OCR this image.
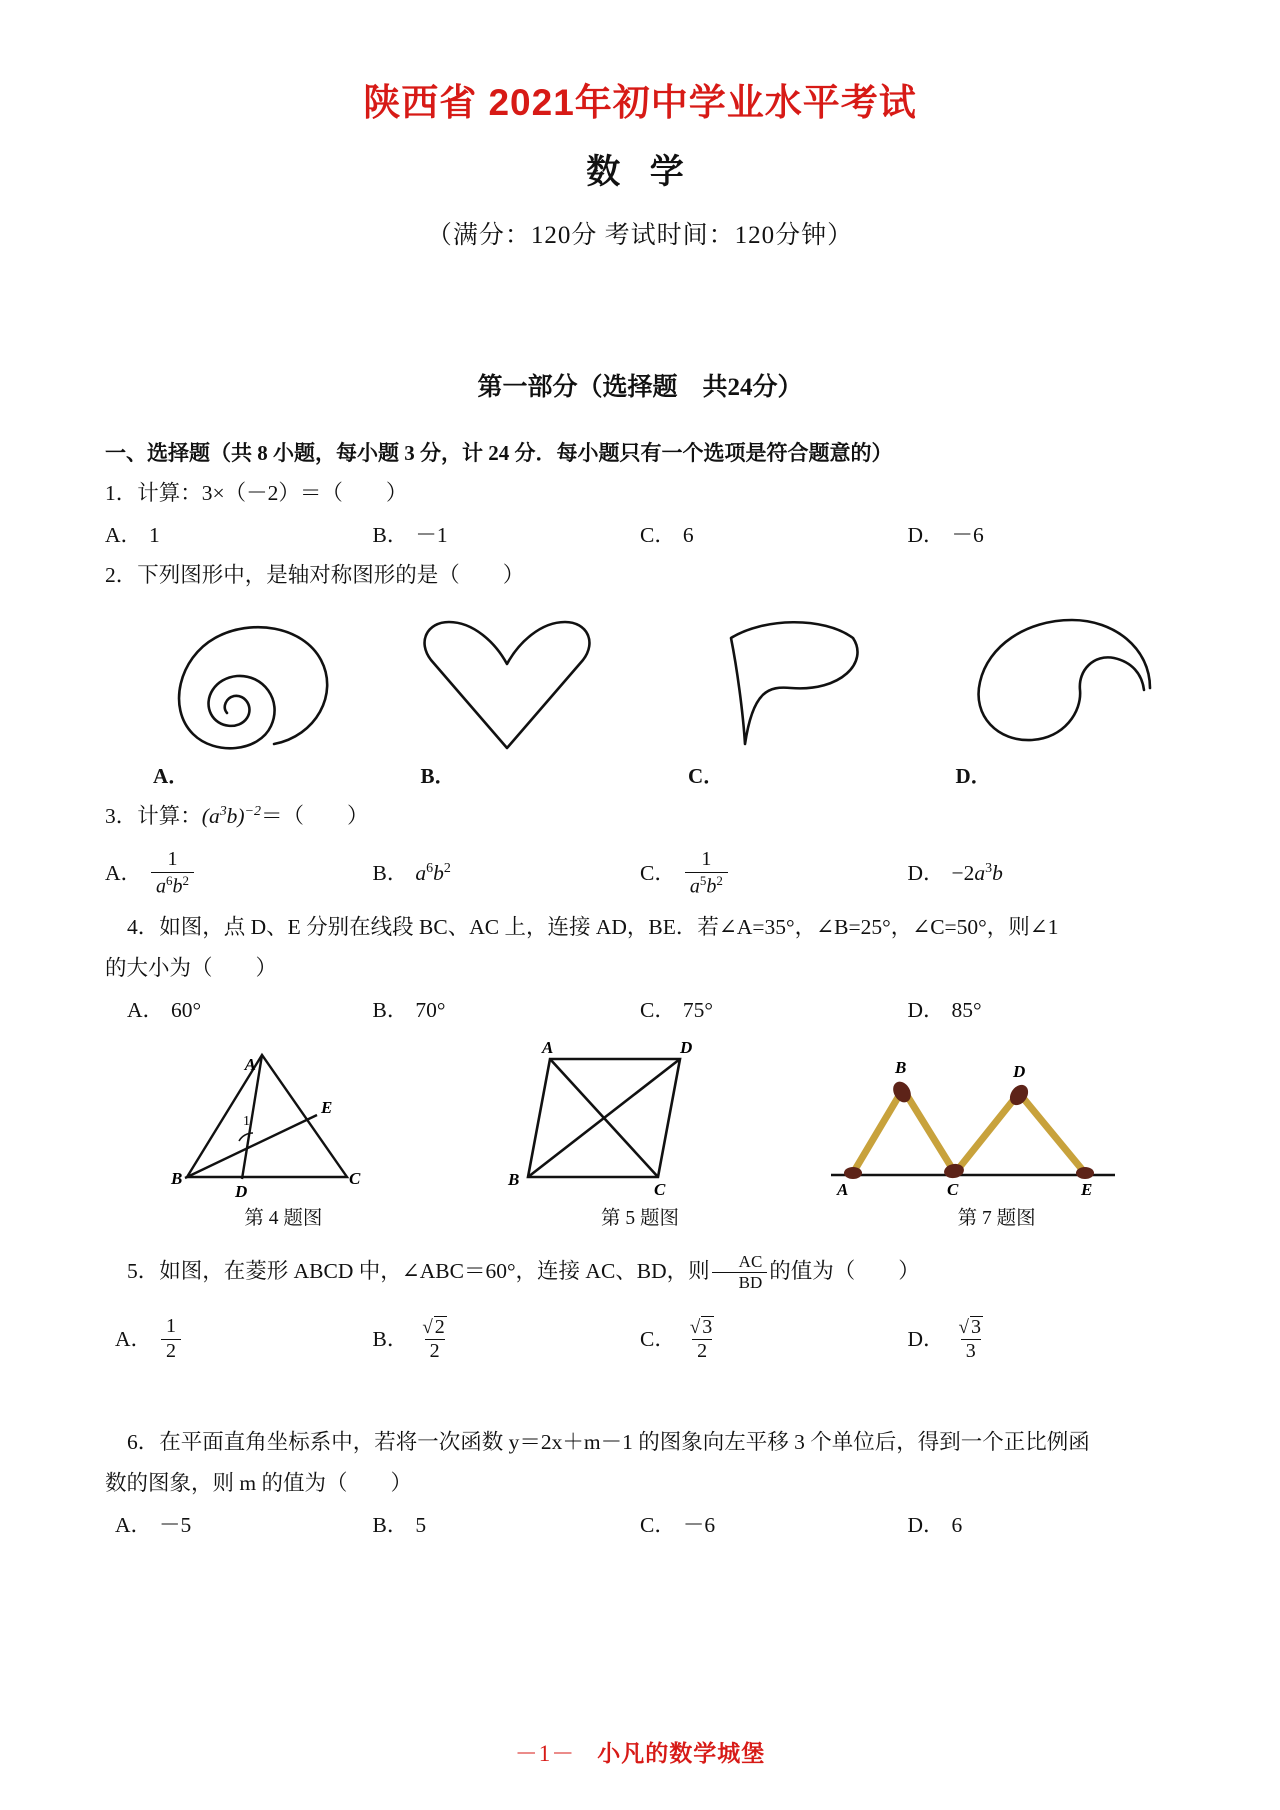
陕西省 2021年初中学业水平考试
数 学
（满分：120分 考试时间：120分钟）
第一部分（选择题　共24分）
一、选择题（共 8 小题，每小题 3 分，计 24 分．每小题只有一个选项是符合题意的）
1．计算：3×（－2）＝（　　）
A． 1	B． －1	C． 6	D． －6
2．下列图形中，是轴对称图形的是（　　）
A．	B．	C．	D．
3．计算：$(a^3b)^{-2}=$（　　）
A． $\frac{1}{a^6b^2}$	B． $a^6b^2$	C． $\frac{1}{a^5b^2}$	D． $-2a^3b$
4．如图，点 D、E 分别在线段 BC、AC 上，连接 AD，BE．若∠A=35°，∠B=25°，∠C=50°，则∠1
的大小为（　　）
A． 60°	B． 70°	C． 75°	D． 85°
A
B	C
D
E
1
A	D
B
C	A
B
C
D
E
第 4 题图	第 5 题图	第 7 题图
5．如图，在菱形 ABCD 中，∠ABC＝60°，连接 AC、BD，则 $\frac{AC}{BD}$ 的值为（　　）
A． $\frac{1}{2}$	B． $\frac{√ 2}{2}$	C． $\frac{√ 3}{2}$	D． $\frac{√ 3}{3}$
6．在平面直角坐标系中，若将一次函数 y＝2x＋m－1 的图象向左平移 3 个单位后，得到一个正比例函
数的图象，则 m 的值为（　　）
A． －5	B． 5	C． －6	D． 6
－1－ 小凡的数学城堡
